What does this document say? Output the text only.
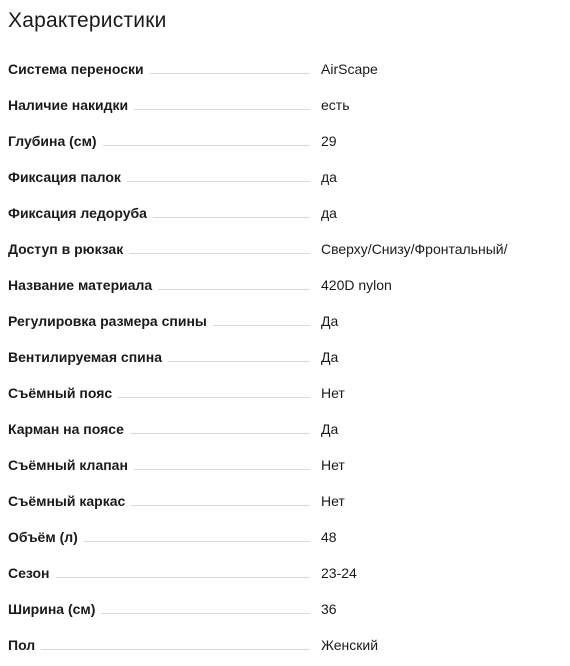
Характеристики
Система переноски	AirScape
Наличие накидки	есть
Глубина (см)	29
Фиксация палок	да
Фиксация ледоруба	да
Доступ в рюкзак	Сверху/Снизу/Фронтальный/
Название материала	420D nylon
Регулировка размера спины	Да
Вентилируемая спина	Да
Съёмный пояс	Нет
Карман на поясе	Да
Съёмный клапан	Нет
Съёмный каркас	Нет
Объём (л)	48
Сезон	23-24
Ширина (см)	36
Пол	Женский
